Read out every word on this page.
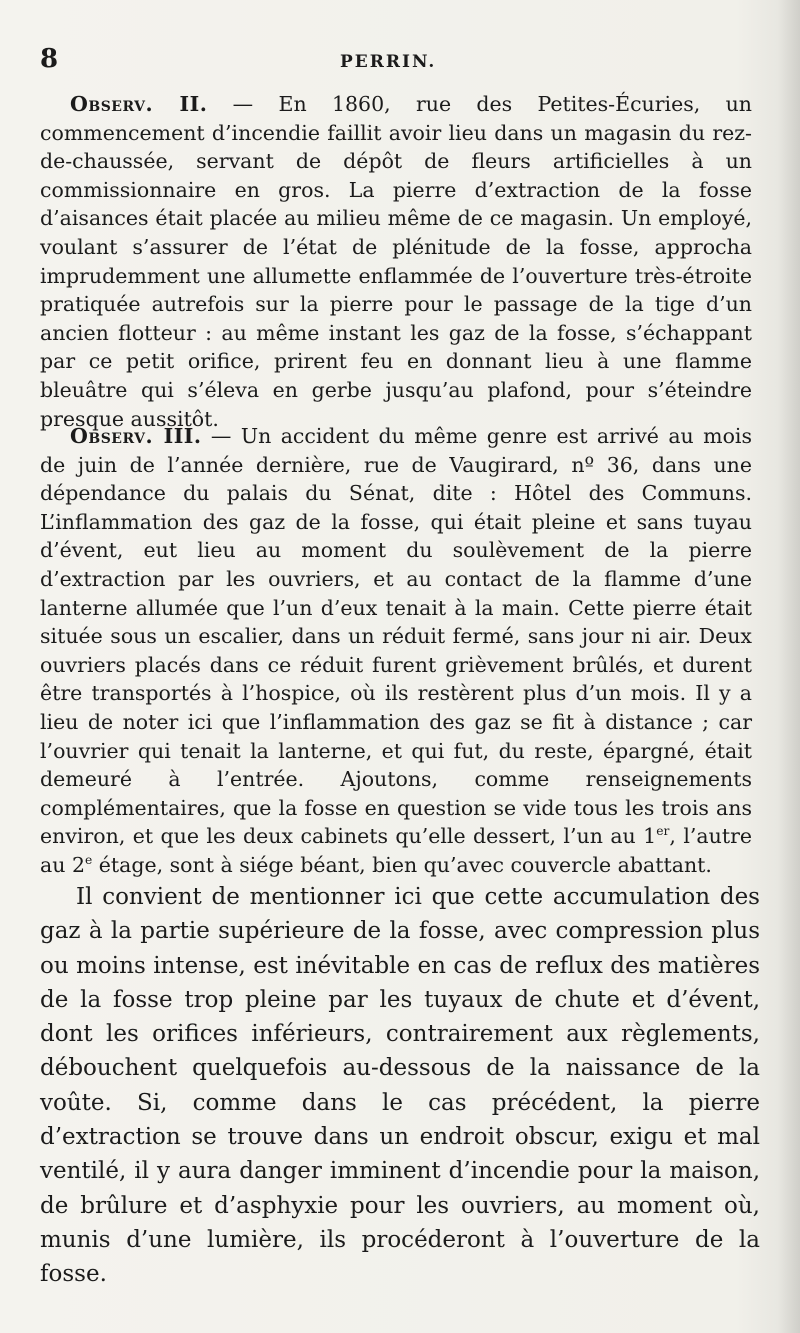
8	PERRIN.

Observ. II. — En 1860, rue des Petites-Écuries, un commencement d’incendie faillit avoir lieu dans un magasin du rez-de-chaussée, servant de dépôt de fleurs artificielles à un commissionnaire en gros. La pierre d’extraction de la fosse d’aisances était placée au milieu même de ce magasin. Un employé, voulant s’assurer de l’état de plénitude de la fosse, approcha imprudemment une allumette enflammée de l’ouverture très-étroite pratiquée autrefois sur la pierre pour le passage de la tige d’un ancien flotteur : au même instant les gaz de la fosse, s’échappant par ce petit orifice, prirent feu en donnant lieu à une flamme bleuâtre qui s’éleva en gerbe jusqu’au plafond, pour s’éteindre presque aussitôt.

Observ. III. — Un accident du même genre est arrivé au mois de juin de l’année dernière, rue de Vaugirard, nº 36, dans une dépendance du palais du Sénat, dite : Hôtel des Communs. L’inflammation des gaz de la fosse, qui était pleine et sans tuyau d’évent, eut lieu au moment du soulèvement de la pierre d’extraction par les ouvriers, et au contact de la flamme d’une lanterne allumée que l’un d’eux tenait à la main. Cette pierre était située sous un escalier, dans un réduit fermé, sans jour ni air. Deux ouvriers placés dans ce réduit furent grièvement brûlés, et durent être transportés à l’hospice, où ils restèrent plus d’un mois. Il y a lieu de noter ici que l’inflammation des gaz se fit à distance ; car l’ouvrier qui tenait la lanterne, et qui fut, du reste, épargné, était demeuré à l’entrée. Ajoutons, comme renseignements complémentaires, que la fosse en question se vide tous les trois ans environ, et que les deux cabinets qu’elle dessert, l’un au 1er, l’autre au 2e étage, sont à siége béant, bien qu’avec couvercle abattant.

Il convient de mentionner ici que cette accumulation des gaz à la partie supérieure de la fosse, avec compression plus ou moins intense, est inévitable en cas de reflux des matières de la fosse trop pleine par les tuyaux de chute et d’évent, dont les orifices inférieurs, contrairement aux règlements, débouchent quelquefois au-dessous de la naissance de la voûte. Si, comme dans le cas précédent, la pierre d’extraction se trouve dans un endroit obscur, exigu et mal ventilé, il y aura danger imminent d’incendie pour la maison, de brûlure et d’asphyxie pour les ouvriers, au moment où, munis d’une lumière, ils procéderont à l’ouverture de la fosse.
